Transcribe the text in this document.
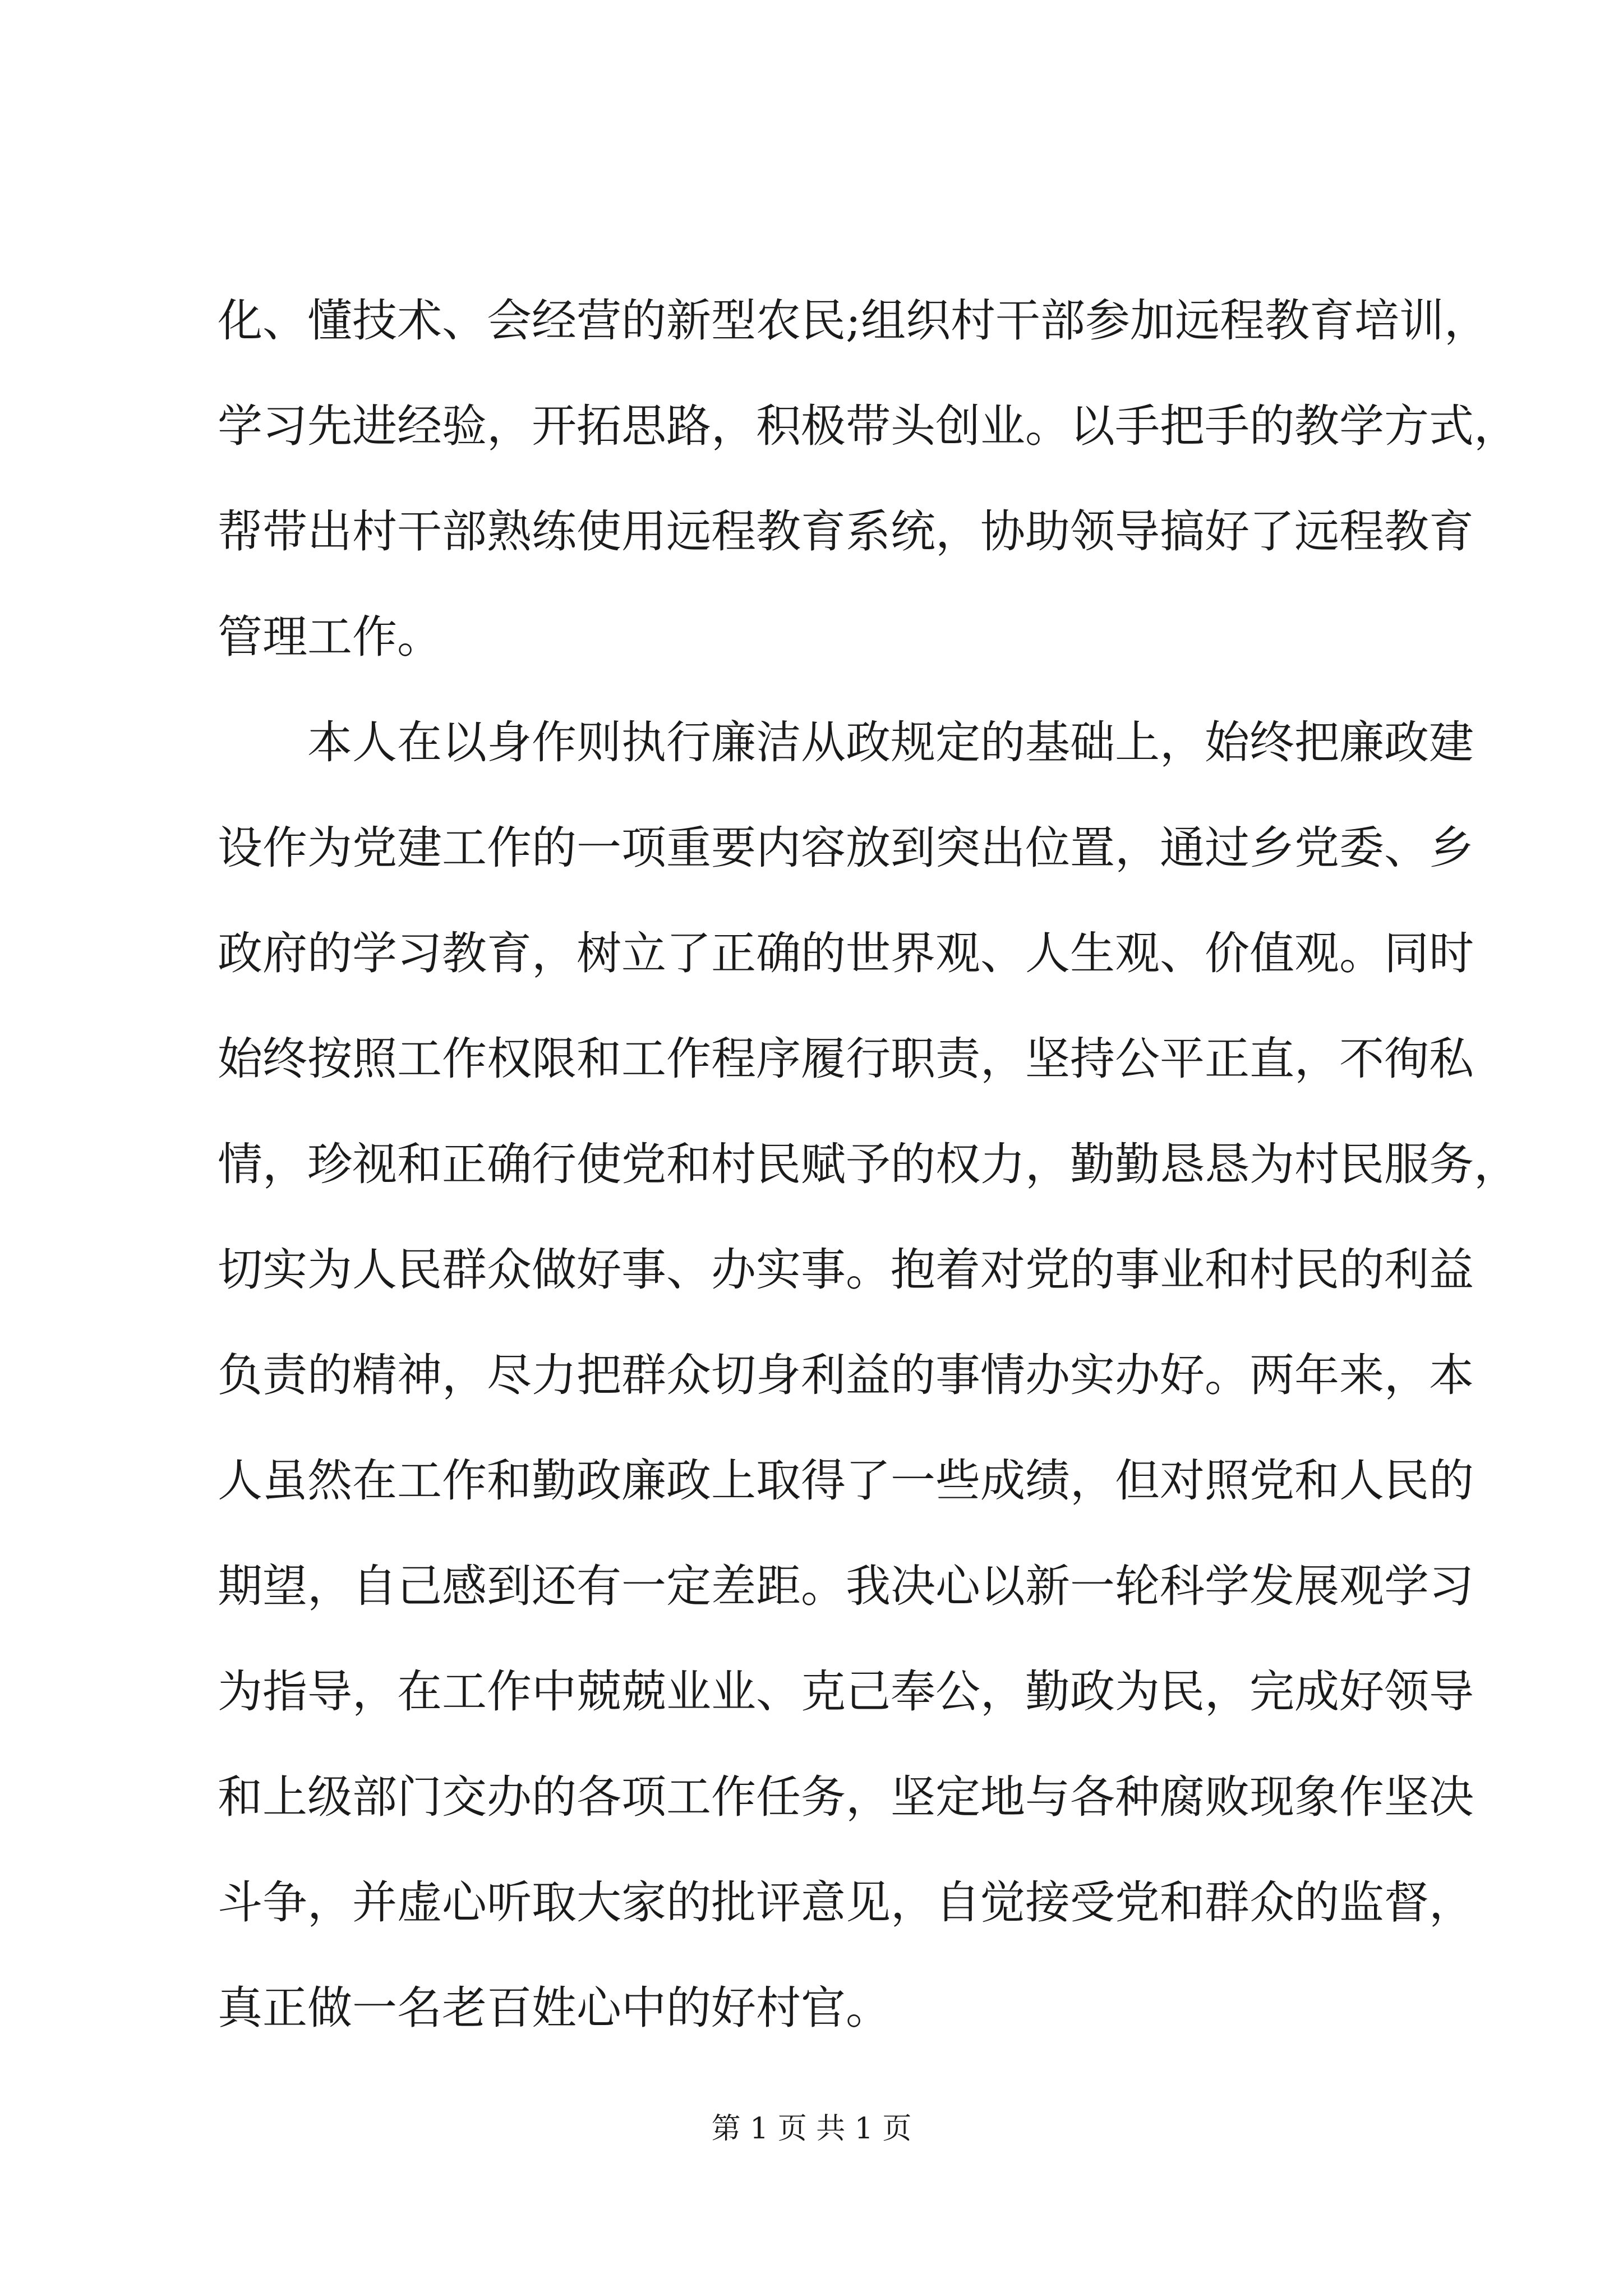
化、懂技术、会经营的新型农民;组织村干部参加远程教育培训，
学习先进经验，开拓思路，积极带头创业。以手把手的教学方式，
帮带出村干部熟练使用远程教育系统，协助领导搞好了远程教育
管理工作。
　　本人在以身作则执行廉洁从政规定的基础上，始终把廉政建
设作为党建工作的一项重要内容放到突出位置，通过乡党委、乡
政府的学习教育，树立了正确的世界观、人生观、价值观。同时
始终按照工作权限和工作程序履行职责，坚持公平正直，不徇私
情，珍视和正确行使党和村民赋予的权力，勤勤恳恳为村民服务，
切实为人民群众做好事、办实事。抱着对党的事业和村民的利益
负责的精神，尽力把群众切身利益的事情办实办好。两年来，本
人虽然在工作和勤政廉政上取得了一些成绩，但对照党和人民的
期望，自己感到还有一定差距。我决心以新一轮科学发展观学习
为指导，在工作中兢兢业业、克己奉公，勤政为民，完成好领导
和上级部门交办的各项工作任务，坚定地与各种腐败现象作坚决
斗争，并虚心听取大家的批评意见，自觉接受党和群众的监督，
真正做一名老百姓心中的好村官。
第 1 页 共 1 页
